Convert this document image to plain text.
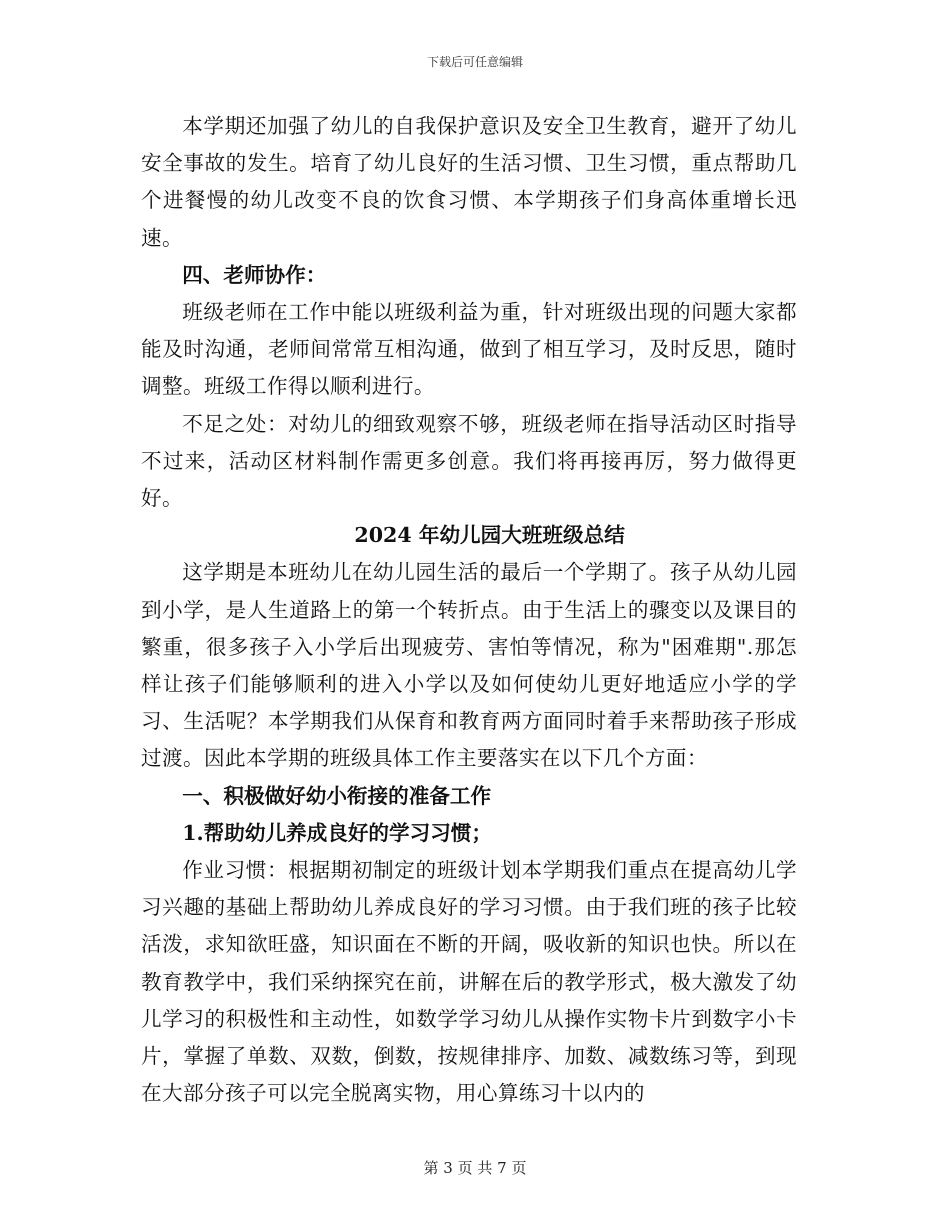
下载后可任意编辑

本学期还加强了幼儿的自我保护意识及安全卫生教育，避开了幼儿安全事故的发生。培育了幼儿良好的生活习惯、卫生习惯，重点帮助几个进餐慢的幼儿改变不良的饮食习惯、本学期孩子们身高体重增长迅速。

四、老师协作：

班级老师在工作中能以班级利益为重，针对班级出现的问题大家都能及时沟通，老师间常常互相沟通，做到了相互学习，及时反思，随时调整。班级工作得以顺利进行。

不足之处：对幼儿的细致观察不够，班级老师在指导活动区时指导不过来，活动区材料制作需更多创意。我们将再接再厉，努力做得更好。

2024 年幼儿园大班班级总结

这学期是本班幼儿在幼儿园生活的最后一个学期了。孩子从幼儿园到小学，是人生道路上的第一个转折点。由于生活上的骤变以及课目的繁重，很多孩子入小学后出现疲劳、害怕等情况，称为"困难期".那怎样让孩子们能够顺利的进入小学以及如何使幼儿更好地适应小学的学习、生活呢？本学期我们从保育和教育两方面同时着手来帮助孩子形成过渡。因此本学期的班级具体工作主要落实在以下几个方面：

一、积极做好幼小衔接的准备工作

1.帮助幼儿养成良好的学习习惯；

作业习惯：根据期初制定的班级计划本学期我们重点在提高幼儿学习兴趣的基础上帮助幼儿养成良好的学习习惯。由于我们班的孩子比较活泼，求知欲旺盛，知识面在不断的开阔，吸收新的知识也快。所以在教育教学中，我们采纳探究在前，讲解在后的教学形式，极大激发了幼儿学习的积极性和主动性，如数学学习幼儿从操作实物卡片到数字小卡片，掌握了单数、双数，倒数，按规律排序、加数、减数练习等，到现在大部分孩子可以完全脱离实物，用心算练习十以内的

第 3 页 共 7 页
